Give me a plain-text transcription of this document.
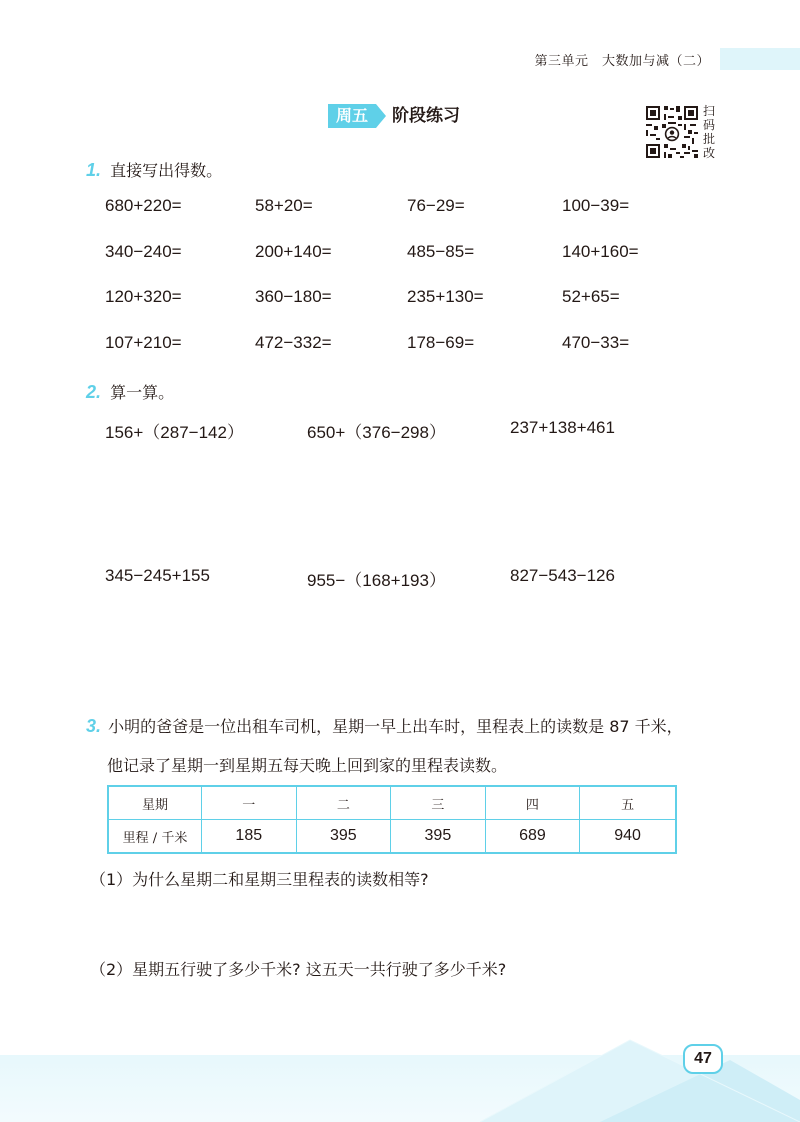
第三单元　大数加与减（二）
周五	阶段练习	扫
码
批
改
1. 直接写出得数。
680+220=	58+20=	76−29=	100−39=
340−240=	200+140=	485−85=	140+160=
120+320=	360−180=	235+130=	52+65=
107+210=	472−332=	178−69=	470−33=
2. 算一算。
156+（287−142）	650+（376−298）	237+138+461
345−245+155	955−（168+193）	827−543−126
3. 小明的爸爸是一位出租车司机，星期一早上出车时，里程表上的读数是 87 千米，
他记录了星期一到星期五每天晚上回到家的里程表读数。
星期	一	二	三	四	五
里程 / 千米	185	395	395	689	940
（1）为什么星期二和星期三里程表的读数相等?
（2）星期五行驶了多少千米? 这五天一共行驶了多少千米?
47
